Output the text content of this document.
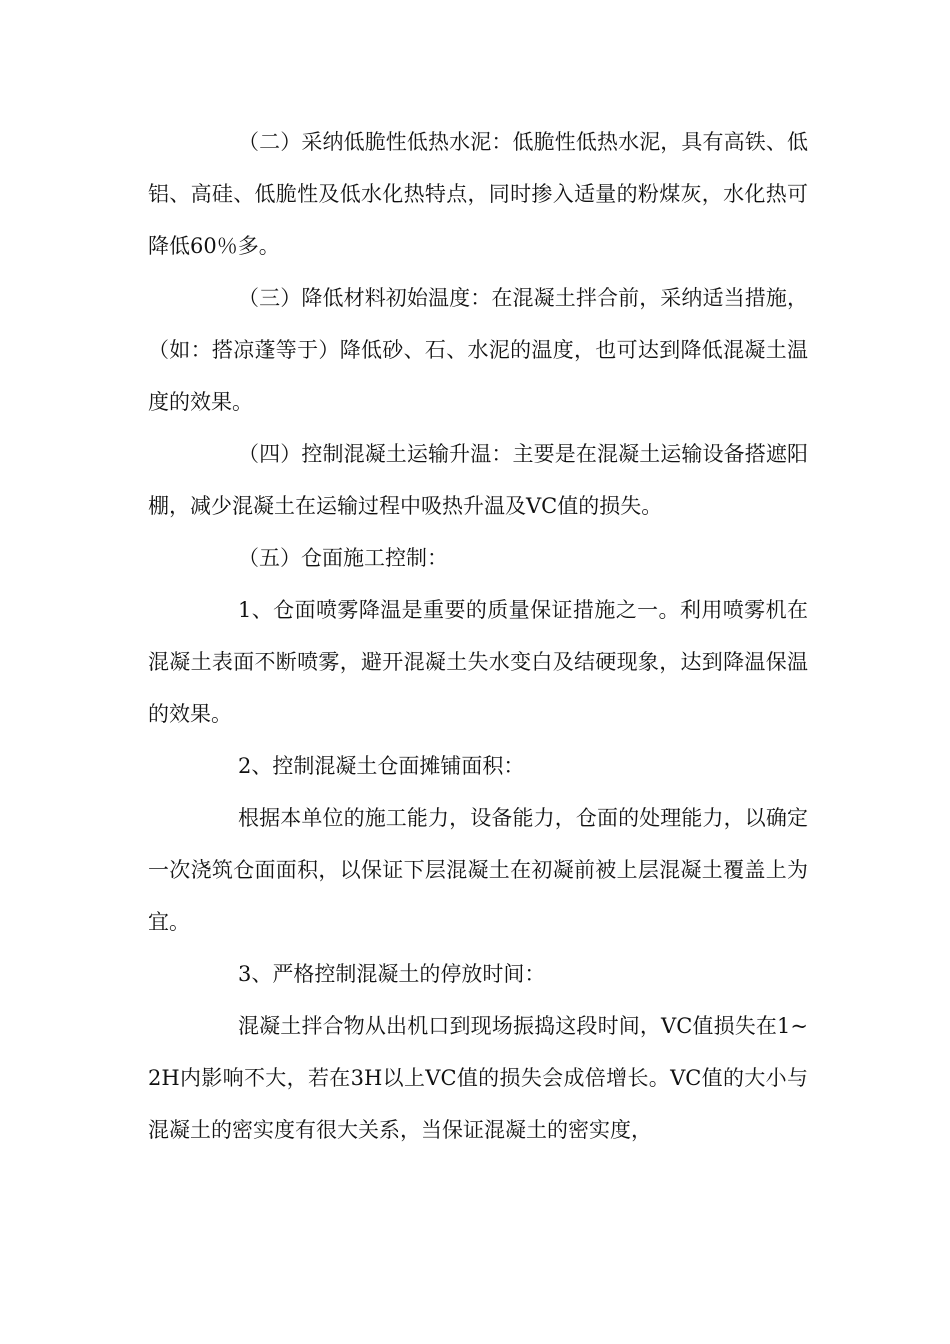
（二）采纳低脆性低热水泥：低脆性低热水泥，具有高铁、低铝、高硅、低脆性及低水化热特点，同时掺入适量的粉煤灰，水化热可降低60％多。

（三）降低材料初始温度：在混凝土拌合前，采纳适当措施，（如：搭凉蓬等于）降低砂、石、水泥的温度，也可达到降低混凝土温度的效果。

（四）控制混凝土运输升温：主要是在混凝土运输设备搭遮阳棚，减少混凝土在运输过程中吸热升温及VC值的损失。

（五）仓面施工控制：

1、仓面喷雾降温是重要的质量保证措施之一。利用喷雾机在混凝土表面不断喷雾，避开混凝土失水变白及结硬现象，达到降温保温的效果。

2、控制混凝土仓面摊铺面积：

根据本单位的施工能力，设备能力，仓面的处理能力，以确定一次浇筑仓面面积，以保证下层混凝土在初凝前被上层混凝土覆盖上为宜。

3、严格控制混凝土的停放时间：

混凝土拌合物从出机口到现场振捣这段时间，VC值损失在1~2H内影响不大，若在3H以上VC值的损失会成倍增长。VC值的大小与混凝土的密实度有很大关系，当保证混凝土的密实度，
